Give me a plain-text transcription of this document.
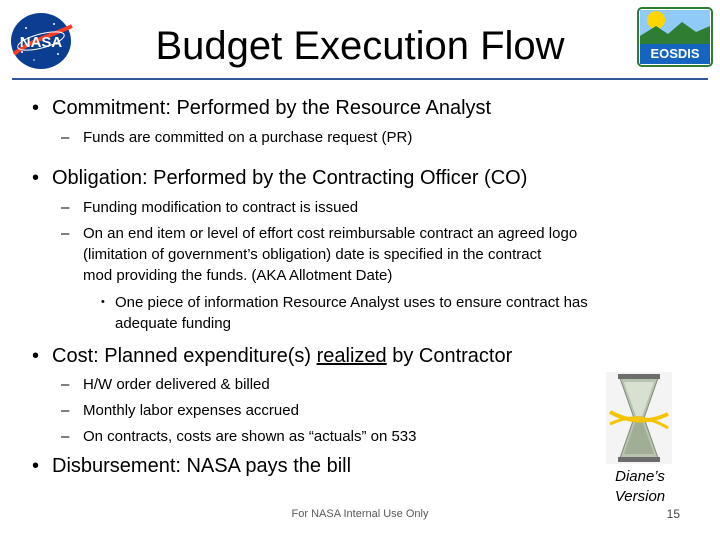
NASA	Budget Execution Flow	EOSDIS
• Commitment: Performed by the Resource Analyst
– Funds are committed on a purchase request (PR)
• Obligation: Performed by the Contracting Officer (CO)
– Funding modification to contract is issued
– On an end item or level of effort cost reimbursable contract an agreed logo
(limitation of government’s obligation) date is specified in the contract
mod providing the funds. (AKA Allotment Date)
• One piece of information Resource Analyst uses to ensure contract has
adequate funding
• Cost: Planned expenditure(s) realized by Contractor
– H/W order delivered & billed
– Monthly labor expenses accrued
– On contracts, costs are shown as “actuals” on 533
• Disbursement: NASA pays the bill	Diane’s
Version
For NASA Internal Use Only	15
